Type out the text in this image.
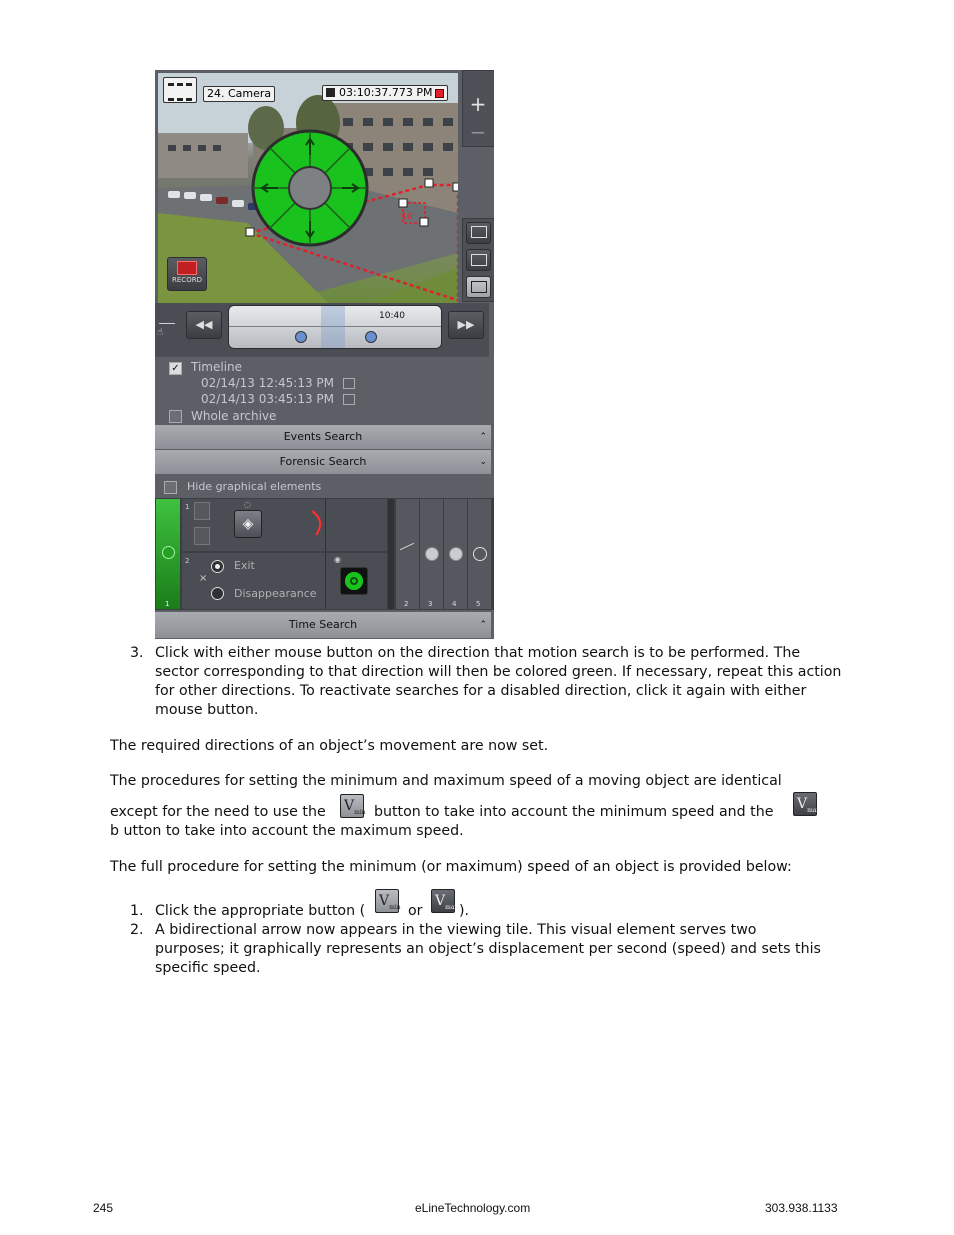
24. Camera	03:10:37.773 PM
10
RECORD
+
−
☝
◀◀
10:40
▶▶
✓ Timeline
02/14/13 12:45:13 PM
02/14/13 03:45:13 PM
Whole archive
Events Search	⌃
Forensic Search	⌄
Hide graphical elements
1
1
◈
◌
2
×
Exit
Disappearance
◉
2	3	4	5
Time Search	⌃
3. Click with either mouse button on the direction that motion search is to be performed. The sector corresponding to that direction will then be colored green. If necessary, repeat this action for other directions. To reactivate searches for a disabled direction, click it again with either mouse button.
The required directions of an object’s movement are now set.
The procedures for setting the minimum and maximum speed of a moving object are identical
except for the need to use the $V_{min}$ button to take into account the minimum speed and the $V_{max}$
b utton to take into account the maximum speed.
The full procedure for setting the minimum (or maximum) speed of an object is provided below:
1. Click the appropriate button (
$V_{min}$ or
$V_{max}$ ).
2. A bidirectional arrow now appears in the viewing tile. This visual element serves two purposes; it graphically represents an object’s displacement per second (speed) and sets this specific speed.
245	eLineTechnology.com	303.938.1133
